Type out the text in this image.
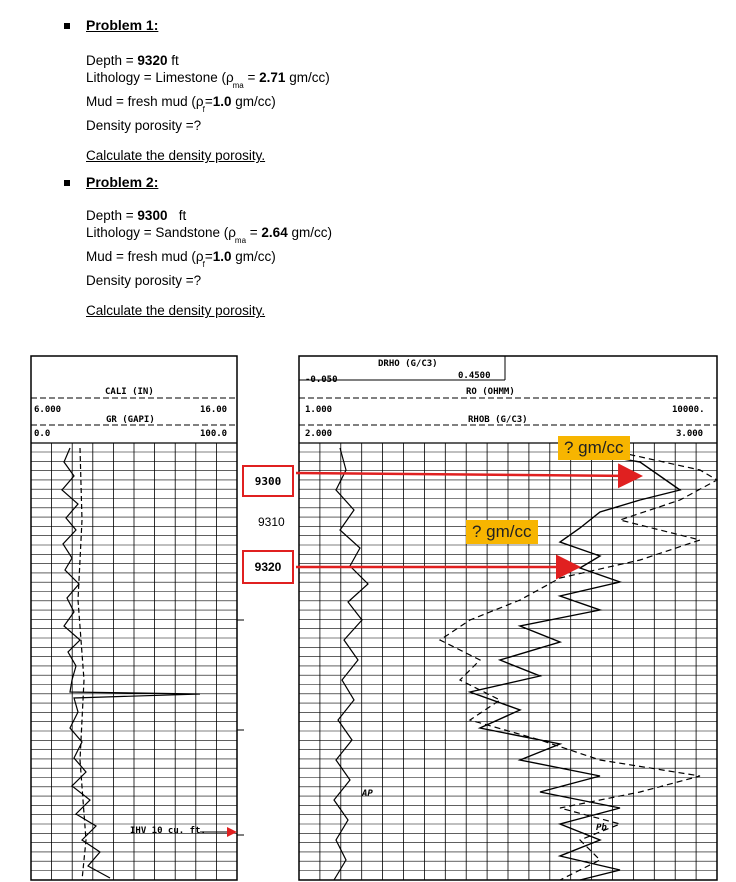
Problem 1:
Depth = 9320 ft
Lithology = Limestone ($\rho_{ma} = 2.71$ gm/cc)
Mud = fresh mud ($\rho_f=1.0$ gm/cc)
Density porosity =?
Calculate the density porosity.
Problem 2:
Depth = 9300   ft
Lithology = Sandstone ($\rho_{ma} = 2.64$ gm/cc)
Mud = fresh mud ($\rho_f=1.0$ gm/cc)
Density porosity =?
Calculate the density porosity.
CALI (IN)
6.000	16.00
GR (GAPI)
0.0	100.0
IHV 10 cu. ft.
DRHO (G/C3)
-0.050	0.4500
RO (OHMM)
1.000	10000.
RHOB (G/C3)
2.000	3.000
AP
Pb
9300
9310
9320
? gm/cc
? gm/cc
